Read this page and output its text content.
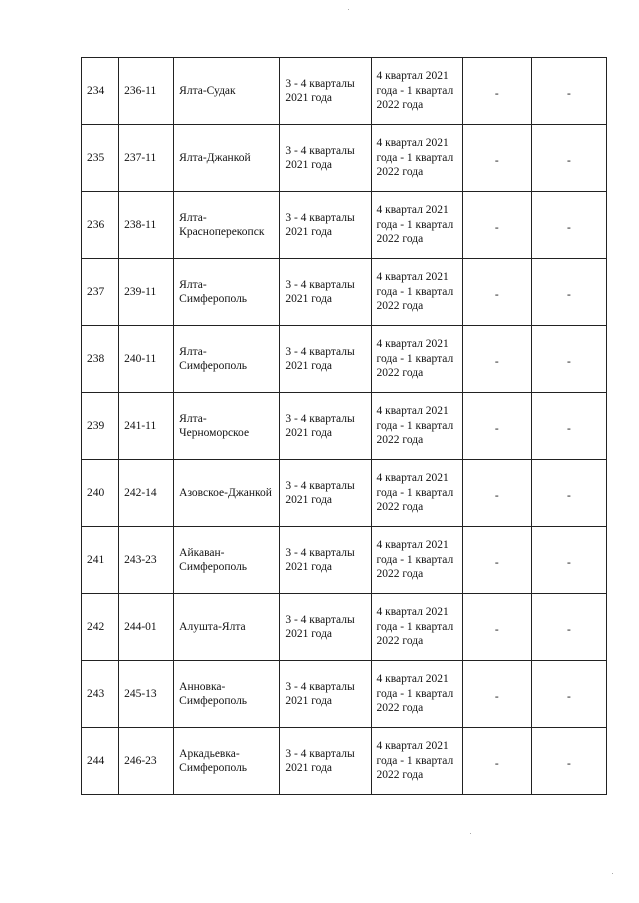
234	236-11	Ялта-Судак	3 - 4 кварталы 2021 года	4 квартал 2021 года - 1 квартал 2022 года	-	-
235	237-11	Ялта-Джанкой	3 - 4 кварталы 2021 года	4 квартал 2021 года - 1 квартал 2022 года	-	-
236	238-11	Ялта-Красноперекопск	3 - 4 кварталы 2021 года	4 квартал 2021 года - 1 квартал 2022 года	-	-
237	239-11	Ялта-Симферополь	3 - 4 кварталы 2021 года	4 квартал 2021 года - 1 квартал 2022 года	-	-
238	240-11	Ялта-Симферополь	3 - 4 кварталы 2021 года	4 квартал 2021 года - 1 квартал 2022 года	-	-
239	241-11	Ялта-Черноморское	3 - 4 кварталы 2021 года	4 квартал 2021 года - 1 квартал 2022 года	-	-
240	242-14	Азовское-Джанкой	3 - 4 кварталы 2021 года	4 квартал 2021 года - 1 квартал 2022 года	-	-
241	243-23	Айкаван-Симферополь	3 - 4 кварталы 2021 года	4 квартал 2021 года - 1 квартал 2022 года	-	-
242	244-01	Алушта-Ялта	3 - 4 кварталы 2021 года	4 квартал 2021 года - 1 квартал 2022 года	-	-
243	245-13	Анновка-Симферополь	3 - 4 кварталы 2021 года	4 квартал 2021 года - 1 квартал 2022 года	-	-
244	246-23	Аркадьевка-Симферополь	3 - 4 кварталы 2021 года	4 квартал 2021 года - 1 квартал 2022 года	-	-
